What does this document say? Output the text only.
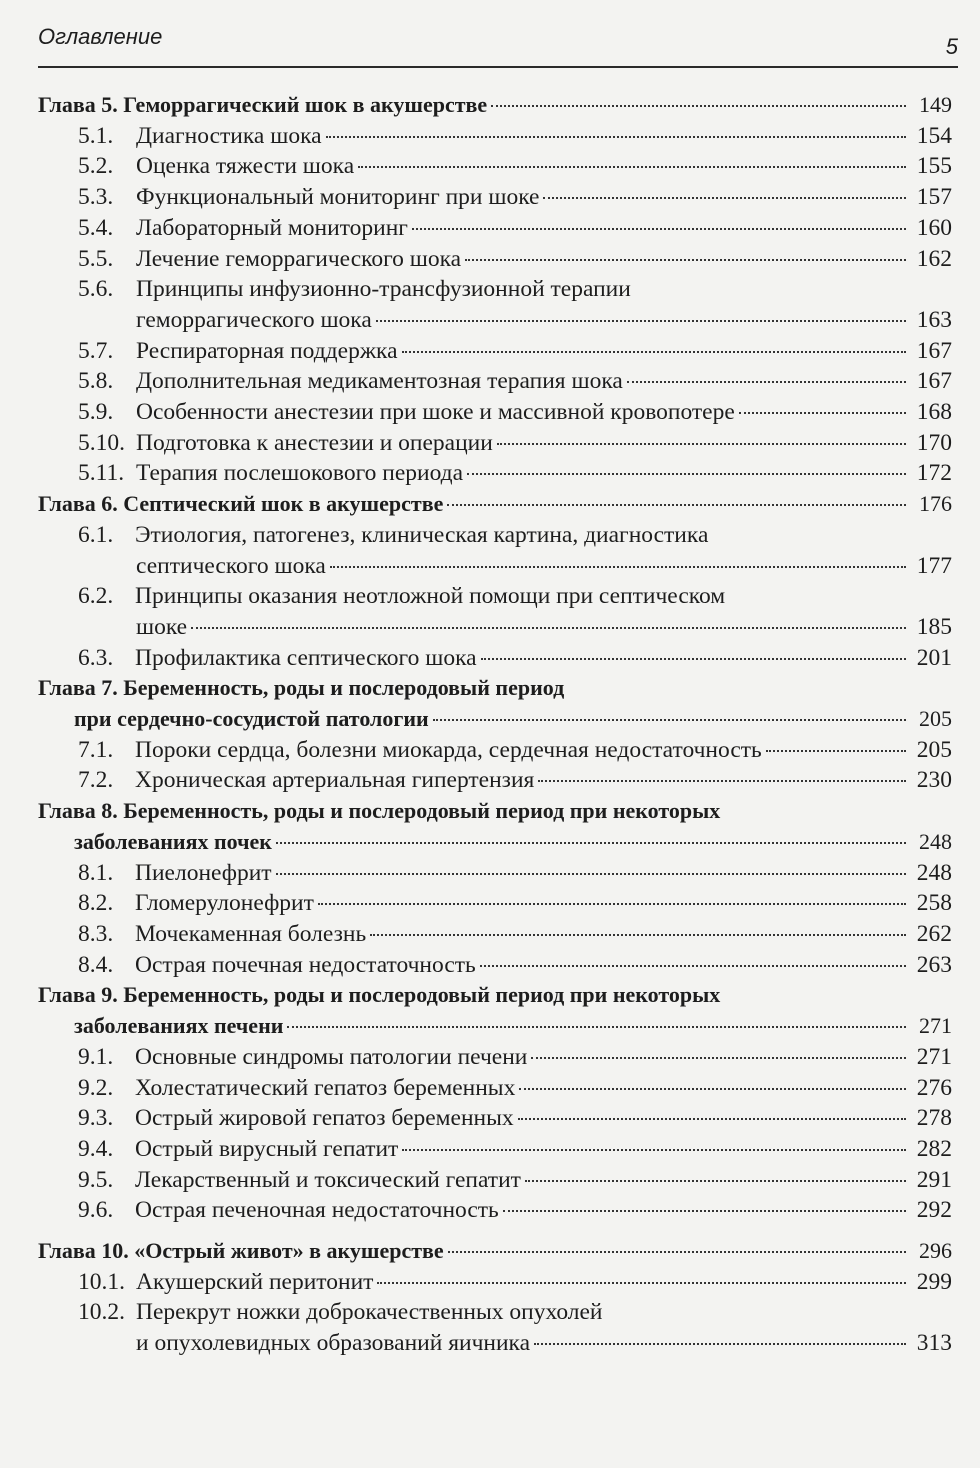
Оглавление	5
Глава 5. Геморрагический шок в акушерстве	149
5.1. Диагностика шока	154
5.2. Оценка тяжести шока	155
5.3. Функциональный мониторинг при шоке	157
5.4. Лабораторный мониторинг	160
5.5. Лечение геморрагического шока	162
5.6. Принципы инфузионно-трансфузионной терапии
геморрагического шока	163
5.7. Респираторная поддержка	167
5.8. Дополнительная медикаментозная терапия шока	167
5.9. Особенности анестезии при шоке и массивной кровопотере	168
5.10. Подготовка к анестезии и операции	170
5.11. Терапия послешокового периода	172
Глава 6. Септический шок в акушерстве	176
6.1. Этиология, патогенез, клиническая картина, диагностика
септического шока	177
6.2. Принципы оказания неотложной помощи при септическом
шоке	185
6.3. Профилактика септического шока	201
Глава 7. Беременность, роды и послеродовый период
при сердечно-сосудистой патологии	205
7.1. Пороки сердца, болезни миокарда, сердечная недостаточность	205
7.2. Хроническая артериальная гипертензия	230
Глава 8. Беременность, роды и послеродовый период при некоторых
заболеваниях почек	248
8.1. Пиелонефрит	248
8.2. Гломерулонефрит	258
8.3. Мочекаменная болезнь	262
8.4. Острая почечная недостаточность	263
Глава 9. Беременность, роды и послеродовый период при некоторых
заболеваниях печени	271
9.1. Основные синдромы патологии печени	271
9.2. Холестатический гепатоз беременных	276
9.3. Острый жировой гепатоз беременных	278
9.4. Острый вирусный гепатит	282
9.5. Лекарственный и токсический гепатит	291
9.6. Острая печеночная недостаточность	292
Глава 10. «Острый живот» в акушерстве	296
10.1. Акушерский перитонит	299
10.2. Перекрут ножки доброкачественных опухолей
и опухолевидных образований яичника	313
